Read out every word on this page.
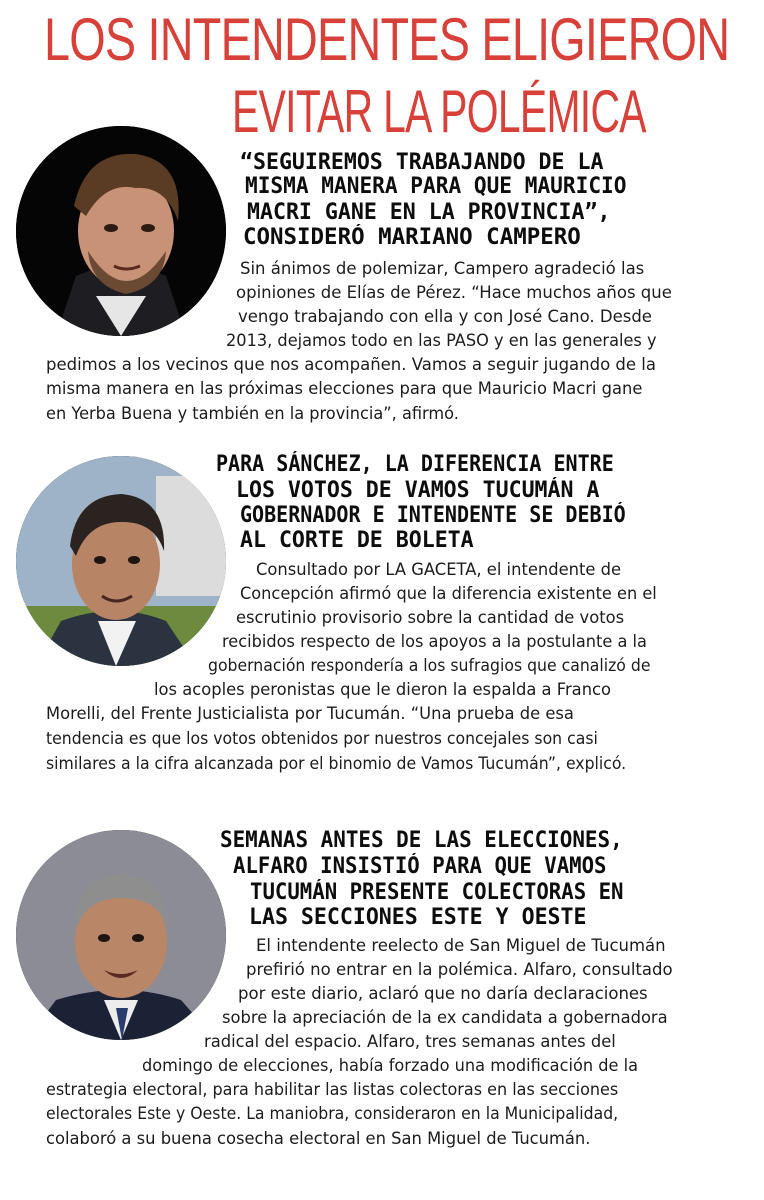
LOS INTENDENTES ELIGIERON
EVITAR LA POLÉMICA

“SEGUIREMOS TRABAJANDO DE LA

MISMA MANERA PARA QUE MAURICIO

MACRI GANE EN LA PROVINCIA”,

CONSIDERÓ MARIANO CAMPERO

Sin ánimos de polemizar, Campero agradeció las

opiniones de Elías de Pérez. “Hace muchos años que

vengo trabajando con ella y con José Cano. Desde

2013, dejamos todo en las PASO y en las generales y

pedimos a los vecinos que nos acompañen. Vamos a seguir jugando de la

misma manera en las próximas elecciones para que Mauricio Macri gane

en Yerba Buena y también en la provincia”, afirmó.

PARA SÁNCHEZ, LA DIFERENCIA ENTRE

LOS VOTOS DE VAMOS TUCUMÁN A

GOBERNADOR E INTENDENTE SE DEBIÓ

AL CORTE DE BOLETA

Consultado por LA GACETA, el intendente de

Concepción afirmó que la diferencia existente en el

escrutinio provisorio sobre la cantidad de votos

recibidos respecto de los apoyos a la postulante a la

gobernación respondería a los sufragios que canalizó de

los acoples peronistas que le dieron la espalda a Franco

Morelli, del Frente Justicialista por Tucumán. “Una prueba de esa

tendencia es que los votos obtenidos por nuestros concejales son casi

similares a la cifra alcanzada por el binomio de Vamos Tucumán”, explicó.

SEMANAS ANTES DE LAS ELECCIONES,

ALFARO INSISTIÓ PARA QUE VAMOS

TUCUMÁN PRESENTE COLECTORAS EN

LAS SECCIONES ESTE Y OESTE

El intendente reelecto de San Miguel de Tucumán

prefirió no entrar en la polémica. Alfaro, consultado

por este diario, aclaró que no daría declaraciones

sobre la apreciación de la ex candidata a gobernadora

radical del espacio. Alfaro, tres semanas antes del

domingo de elecciones, había forzado una modificación de la

estrategia electoral, para habilitar las listas colectoras en las secciones

electorales Este y Oeste. La maniobra, consideraron en la Municipalidad,

colaboró a su buena cosecha electoral en San Miguel de Tucumán.
